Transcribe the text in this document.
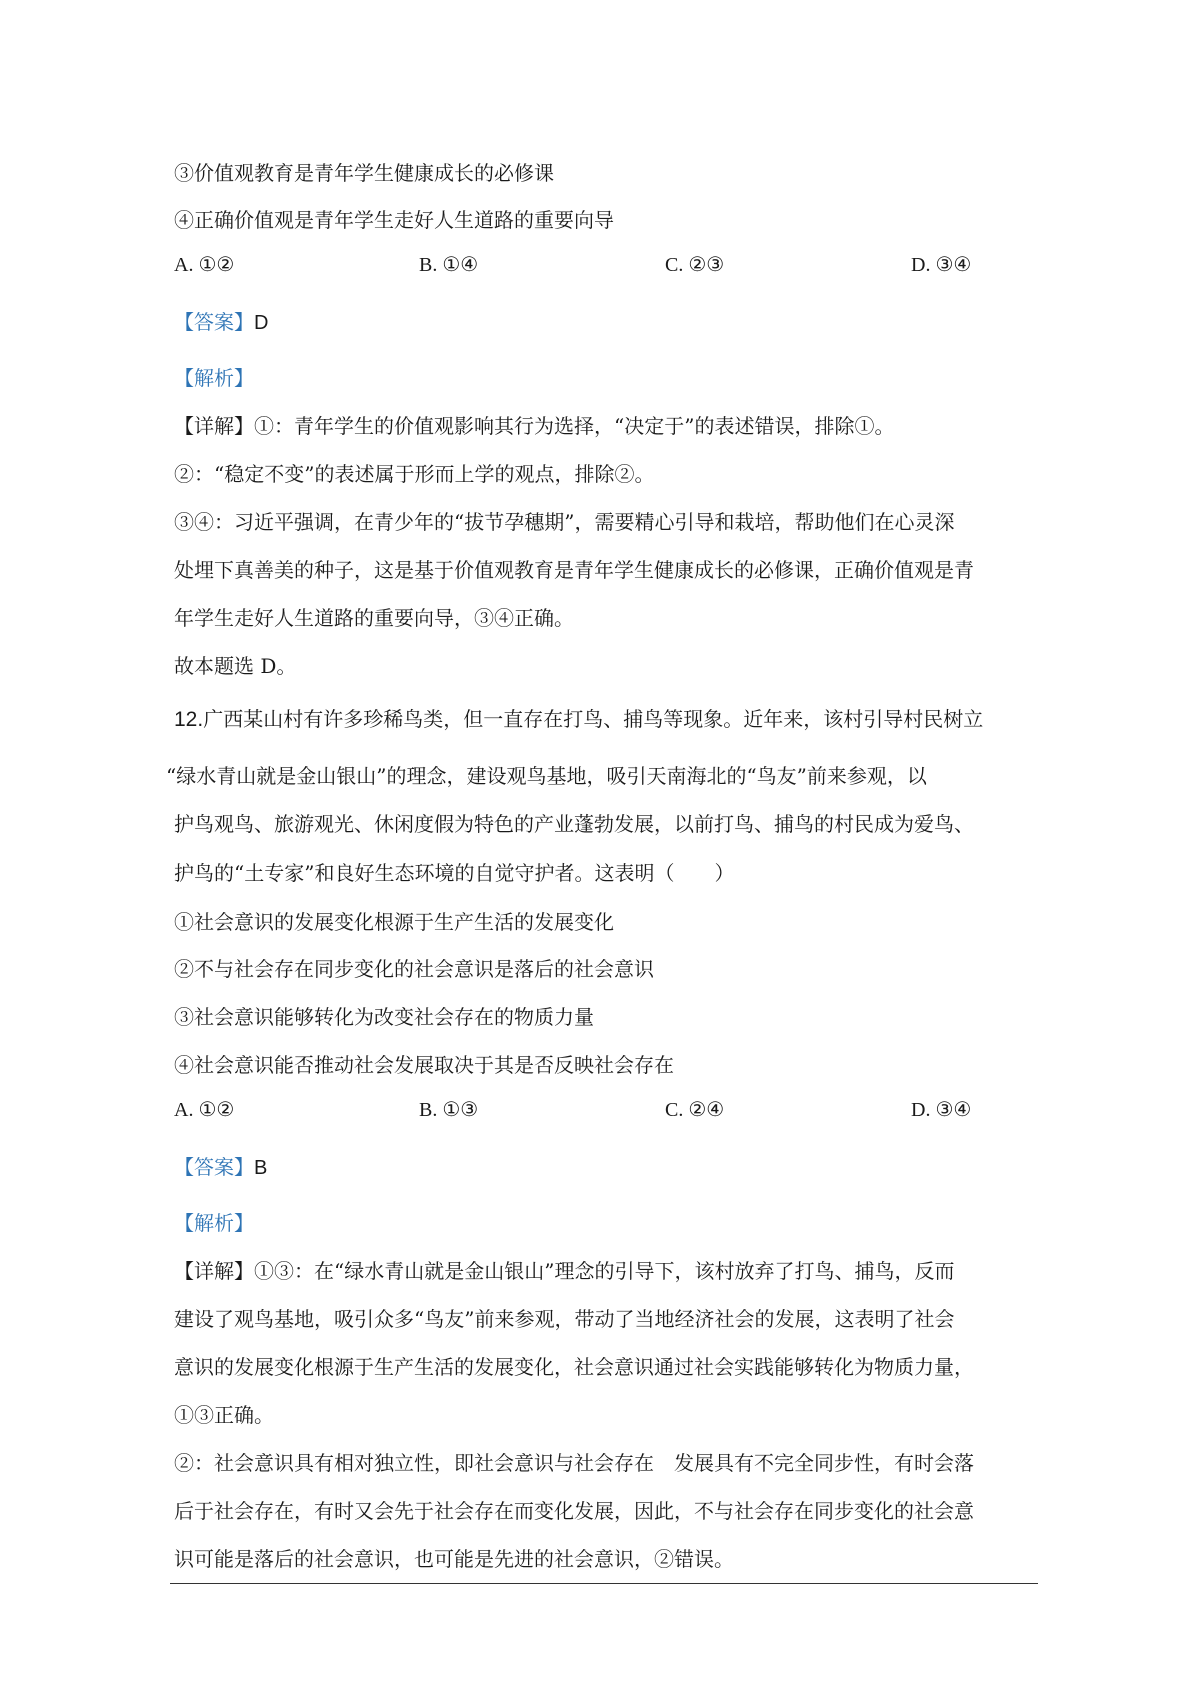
③价值观教育是青年学生健康成长的必修课
④正确价值观是青年学生走好人生道路的重要向导
A. ①②	B. ①④	C. ②③	D. ③④
【答案】D
【解析】
【详解】①：青年学生的价值观影响其行为选择，“决定于”的表述错误，排除①。
②：“稳定不变”的表述属于形而上学的观点，排除②。
③④：习近平强调，在青少年的“拔节孕穗期”，需要精心引导和栽培，帮助他们在心灵深
处埋下真善美的种子，这是基于价值观教育是青年学生健康成长的必修课，正确价值观是青
年学生走好人生道路的重要向导，③④正确。
故本题选 D。
12.广西某山村有许多珍稀鸟类，但一直存在打鸟、捕鸟等现象。近年来，该村引导村民树立
“绿水青山就是金山银山”的理念，建设观鸟基地，吸引天南海北的“鸟友”前来参观，以
护鸟观鸟、旅游观光、休闲度假为特色的产业蓬勃发展，以前打鸟、捕鸟的村民成为爱鸟、
护鸟的“土专家”和良好生态环境的自觉守护者。这表明（　　）
①社会意识的发展变化根源于生产生活的发展变化
②不与社会存在同步变化的社会意识是落后的社会意识
③社会意识能够转化为改变社会存在的物质力量
④社会意识能否推动社会发展取决于其是否反映社会存在
A. ①②	B. ①③	C. ②④	D. ③④
【答案】B
【解析】
【详解】①③：在“绿水青山就是金山银山”理念的引导下，该村放弃了打鸟、捕鸟，反而
建设了观鸟基地，吸引众多“鸟友”前来参观，带动了当地经济社会的发展，这表明了社会
意识的发展变化根源于生产生活的发展变化，社会意识通过社会实践能够转化为物质力量，
①③正确。
②：社会意识具有相对独立性，即社会意识与社会存在　发展具有不完全同步性，有时会落
后于社会存在，有时又会先于社会存在而变化发展，因此，不与社会存在同步变化的社会意
识可能是落后的社会意识，也可能是先进的社会意识，②错误。
